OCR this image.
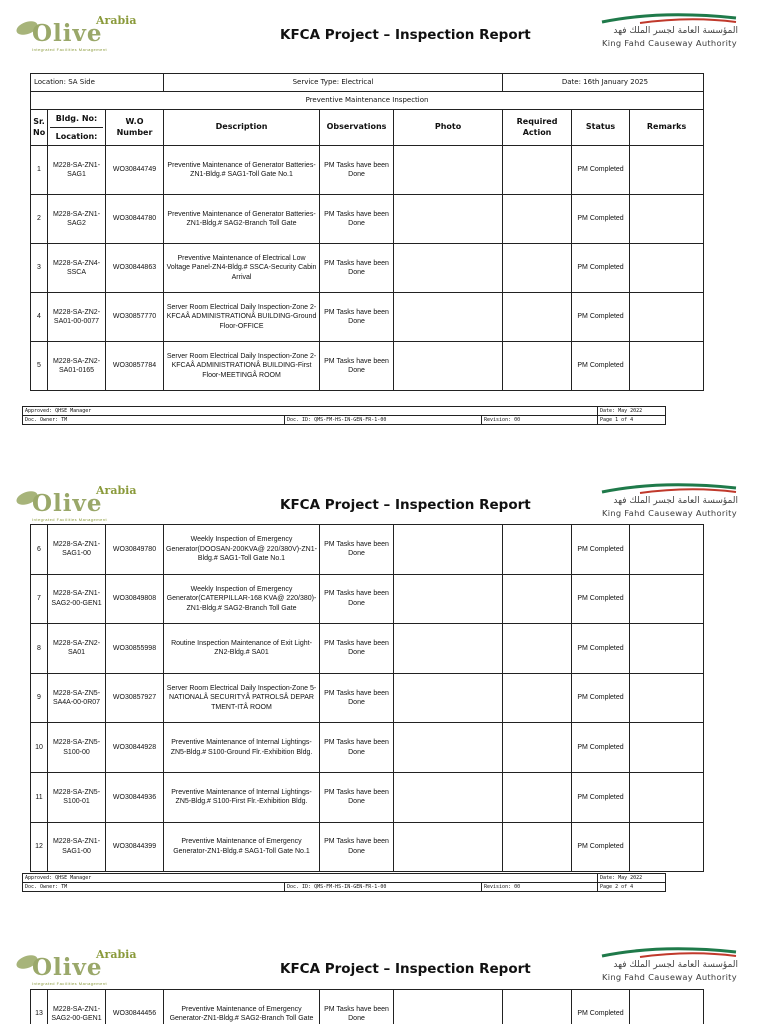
Olive
Arabia
Integrated Facilities Management
KFCA Project – Inspection Report	المؤسسة العامة لجسر الملك فهد
King Fahd Causeway Authority
Location: SA Side			Service Type: Electrical			Date: 16th January 2025		
Preventive Maintenance Inspection								
Sr. No	Bldg. No:
Location:	W.O Number	Description	Observations	Photo	Required Action	Status	Remarks
1	M228-SA-ZN1-SAG1	WO30844749	Preventive Maintenance of Generator Batteries-ZN1-Bldg.# SAG1-Toll Gate No.1	PM Tasks have been Done			PM Completed	
2	M228-SA-ZN1-SAG2	WO30844780	Preventive Maintenance of Generator Batteries-ZN1-Bldg.# SAG2-Branch Toll Gate	PM Tasks have been Done			PM Completed	
3	M228-SA-ZN4-SSCA	WO30844863	Preventive Maintenance of Electrical Low Voltage Panel-ZN4-Bldg.# SSCA-Security Cabin Arrival	PM Tasks have been Done			PM Completed	
4	M228-SA-ZN2-SA01-00-0077	WO30857770	Server Room Electrical Daily Inspection-Zone 2-
KFCAÂ ADMINISTRATIONÂ BUILDING-Ground Floor-OFFICE	PM Tasks have been Done			PM Completed	
5	M228-SA-ZN2-SA01-0165	WO30857784	Server Room Electrical Daily Inspection-Zone 2-
KFCAÂ ADMINISTRATIONÂ BUILDING-First Floor-MEETINGÂ ROOM	PM Tasks have been Done			PM Completed	
Approved: QHSE Manager			Date: May 2022
Doc. Owner: TM	Doc. ID: QMS-FM-HS-IN-GEN-FR-1-00	Revision: 00	Page 1 of 4
Olive
Arabia
Integrated Facilities Management
KFCA Project – Inspection Report	المؤسسة العامة لجسر الملك فهد
King Fahd Causeway Authority
6	M228-SA-ZN1-SAG1-00	WO30849780	Weekly Inspection of Emergency Generator(DOOSAN-200KVA@ 220/380V)-ZN1-Bldg.# SAG1-Toll Gate No.1	PM Tasks have been Done			PM Completed	
7	M228-SA-ZN1-SAG2-00-GEN1	WO30849808	Weekly Inspection of Emergency Generator(CATERPILLAR-168 KVA@ 220/380)-ZN1-Bldg.# SAG2-Branch Toll Gate	PM Tasks have been Done			PM Completed	
8	M228-SA-ZN2-SA01	WO30855998	Routine Inspection Maintenance of Exit Light-ZN2-Bldg.# SA01	PM Tasks have been Done			PM Completed	
9	M228-SA-ZN5-SA4A-00-0R07	WO30857927	Server Room Electrical Daily Inspection-Zone 5-
NATIONALÂ SECURITYÂ PATROLSÂ DEPAR TMENT-ITÂ ROOM	PM Tasks have been Done			PM Completed	
10	M228-SA-ZN5-S100-00	WO30844928	Preventive Maintenance of Internal Lightings-ZN5-Bldg.# S100-Ground Flr.-Exhibition Bldg.	PM Tasks have been Done			PM Completed	
11	M228-SA-ZN5-S100-01	WO30844936	Preventive Maintenance of Internal Lightings-ZN5-Bldg.# S100-First Flr.-Exhibition Bldg.	PM Tasks have been Done			PM Completed	
12	M228-SA-ZN1-SAG1-00	WO30844399	Preventive Maintenance of Emergency Generator-ZN1-Bldg.# SAG1-Toll Gate No.1	PM Tasks have been Done			PM Completed	
Approved: QHSE Manager			Date: May 2022
Doc. Owner: TM	Doc. ID: QMS-FM-HS-IN-GEN-FR-1-00	Revision: 00	Page 2 of 4
Olive
Arabia
Integrated Facilities Management
KFCA Project – Inspection Report	المؤسسة العامة لجسر الملك فهد
King Fahd Causeway Authority
13	M228-SA-ZN1-SAG2-00-GEN1	WO30844456	Preventive Maintenance of Emergency Generator-ZN1-Bldg.# SAG2-Branch Toll Gate	PM Tasks have been Done			PM Completed	
